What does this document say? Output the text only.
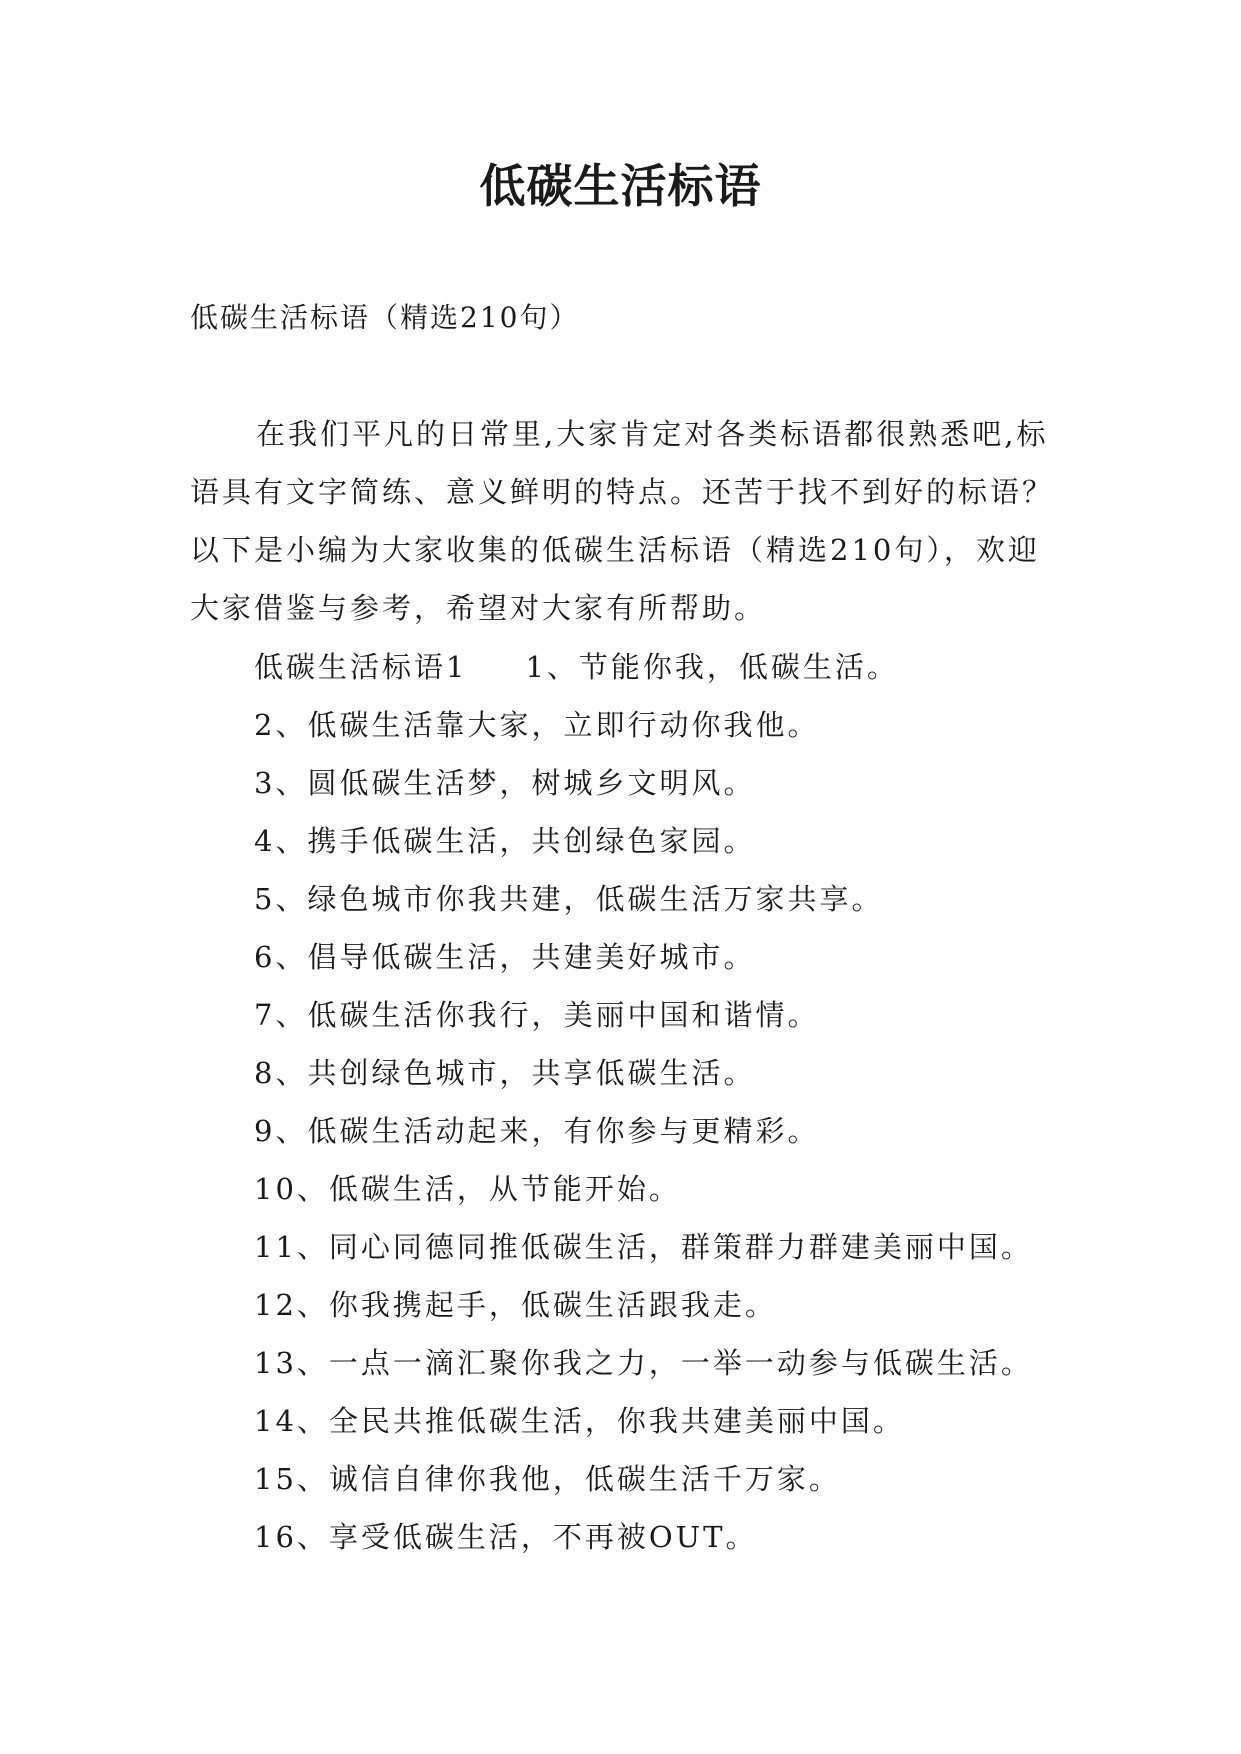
低碳生活标语
低碳生活标语（精选210句）

在我们平凡的日常里,大家肯定对各类标语都很熟悉吧,标语具有文字简练、意义鲜明的特点。还苦于找不到好的标语？以下是小编为大家收集的低碳生活标语（精选210句），欢迎大家借鉴与参考，希望对大家有所帮助。

低碳生活标语1 1、节能你我，低碳生活。
2、低碳生活靠大家，立即行动你我他。
3、圆低碳生活梦，树城乡文明风。
4、携手低碳生活，共创绿色家园。
5、绿色城市你我共建，低碳生活万家共享。
6、倡导低碳生活，共建美好城市。
7、低碳生活你我行，美丽中国和谐情。
8、共创绿色城市，共享低碳生活。
9、低碳生活动起来，有你参与更精彩。
10、低碳生活，从节能开始。
11、同心同德同推低碳生活，群策群力群建美丽中国。
12、你我携起手，低碳生活跟我走。
13、一点一滴汇聚你我之力，一举一动参与低碳生活。
14、全民共推低碳生活，你我共建美丽中国。
15、诚信自律你我他，低碳生活千万家。
16、享受低碳生活，不再被OUT。
